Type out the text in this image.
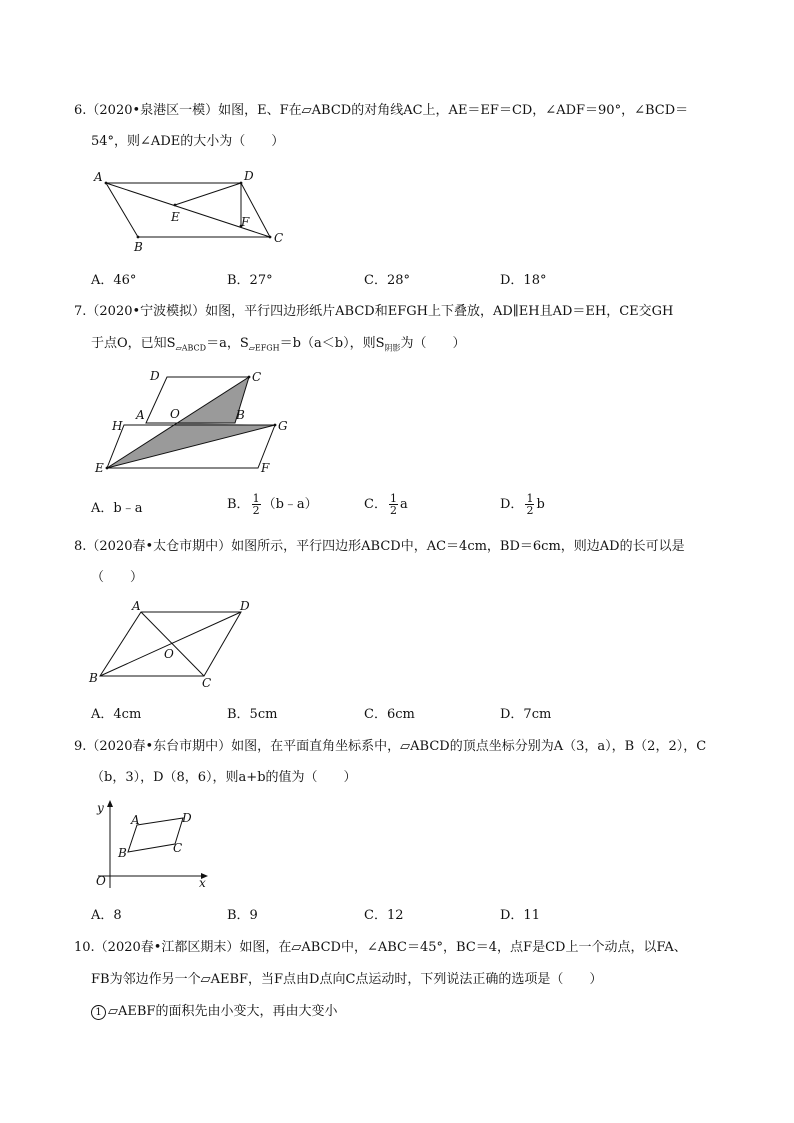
6.（2020•泉港区一模）如图，E、F在▱ABCD的对角线AC上，AE＝EF＝CD，∠ADF＝90°，∠BCD＝
54°，则∠ADE的大小为（　　）
A	D
E	F
B
C
A．46°	B．27°	C．28°	D．18°
7.（2020•宁波模拟）如图，平行四边形纸片ABCD和EFGH上下叠放，AD∥EH且AD＝EH，CE交GH
于点O，已知$S_{▱ABCD}=a$，$S_{▱EFGH}=b(a<b)$，则$S_{阴影}$为（　　）
D	C
A O	B
H	G
E	F
A．b﹣a	B． $\frac{1}{2}$ （b﹣a）	C． $\frac{1}{2}$ a	D． $\frac{1}{2}$ b
8.（2020春•太仓市期中）如图所示，平行四边形ABCD中，AC＝4cm，BD＝6cm，则边AD的长可以是
（　　）
A	D
O
B	C
A．4cm	B．5cm	C．6cm	D．7cm
9.（2020春•东台市期中）如图，在平面直角坐标系中，▱ABCD的顶点坐标分别为A（3，a），B（2，2），C
（b，3），D（8，6），则a+b的值为（　　）
y
x
O
A
B	C
D
A．8	B．9	C．12	D．11
10.（2020春•江都区期末）如图，在▱ABCD中，∠ABC＝45°，BC＝4，点F是CD上一个动点，以FA、
FB为邻边作另一个▱AEBF，当F点由D点向C点运动时，下列说法正确的选项是（　　）
1 ▱AEBF的面积先由小变大，再由大变小
